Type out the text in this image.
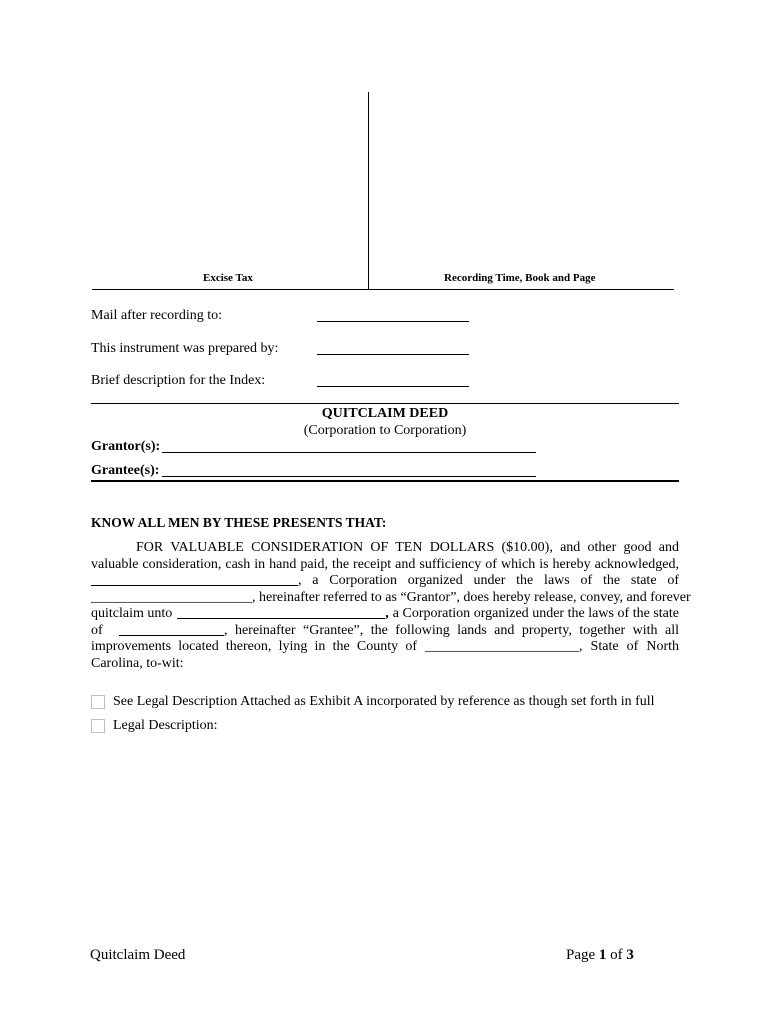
Excise Tax	Recording Time, Book and Page
Mail after recording to:
This instrument was prepared by:
Brief description for the Index:
QUITCLAIM DEED
(Corporation to Corporation)
Grantor(s):
Grantee(s):
KNOW ALL MEN BY THESE PRESENTS THAT:
FOR VALUABLE CONSIDERATION OF TEN DOLLARS ($10.00), and other good and
valuable consideration, cash in hand paid, the receipt and sufficiency of which is hereby acknowledged,
, a Corporation organized under the laws of the state of
_______________________ , hereinafter referred to as “Grantor”, does hereby release, convey, and forever
quitclaim unto	, a Corporation organized under the laws of the state
of	, hereinafter “Grantee”, the following lands and property, together with all
improvements located thereon, lying in the County of ______________________ , State of North
Carolina, to-wit:
See Legal Description Attached as Exhibit A incorporated by reference as though set forth in full
Legal Description:
Quitclaim Deed	Page 1 of 3
